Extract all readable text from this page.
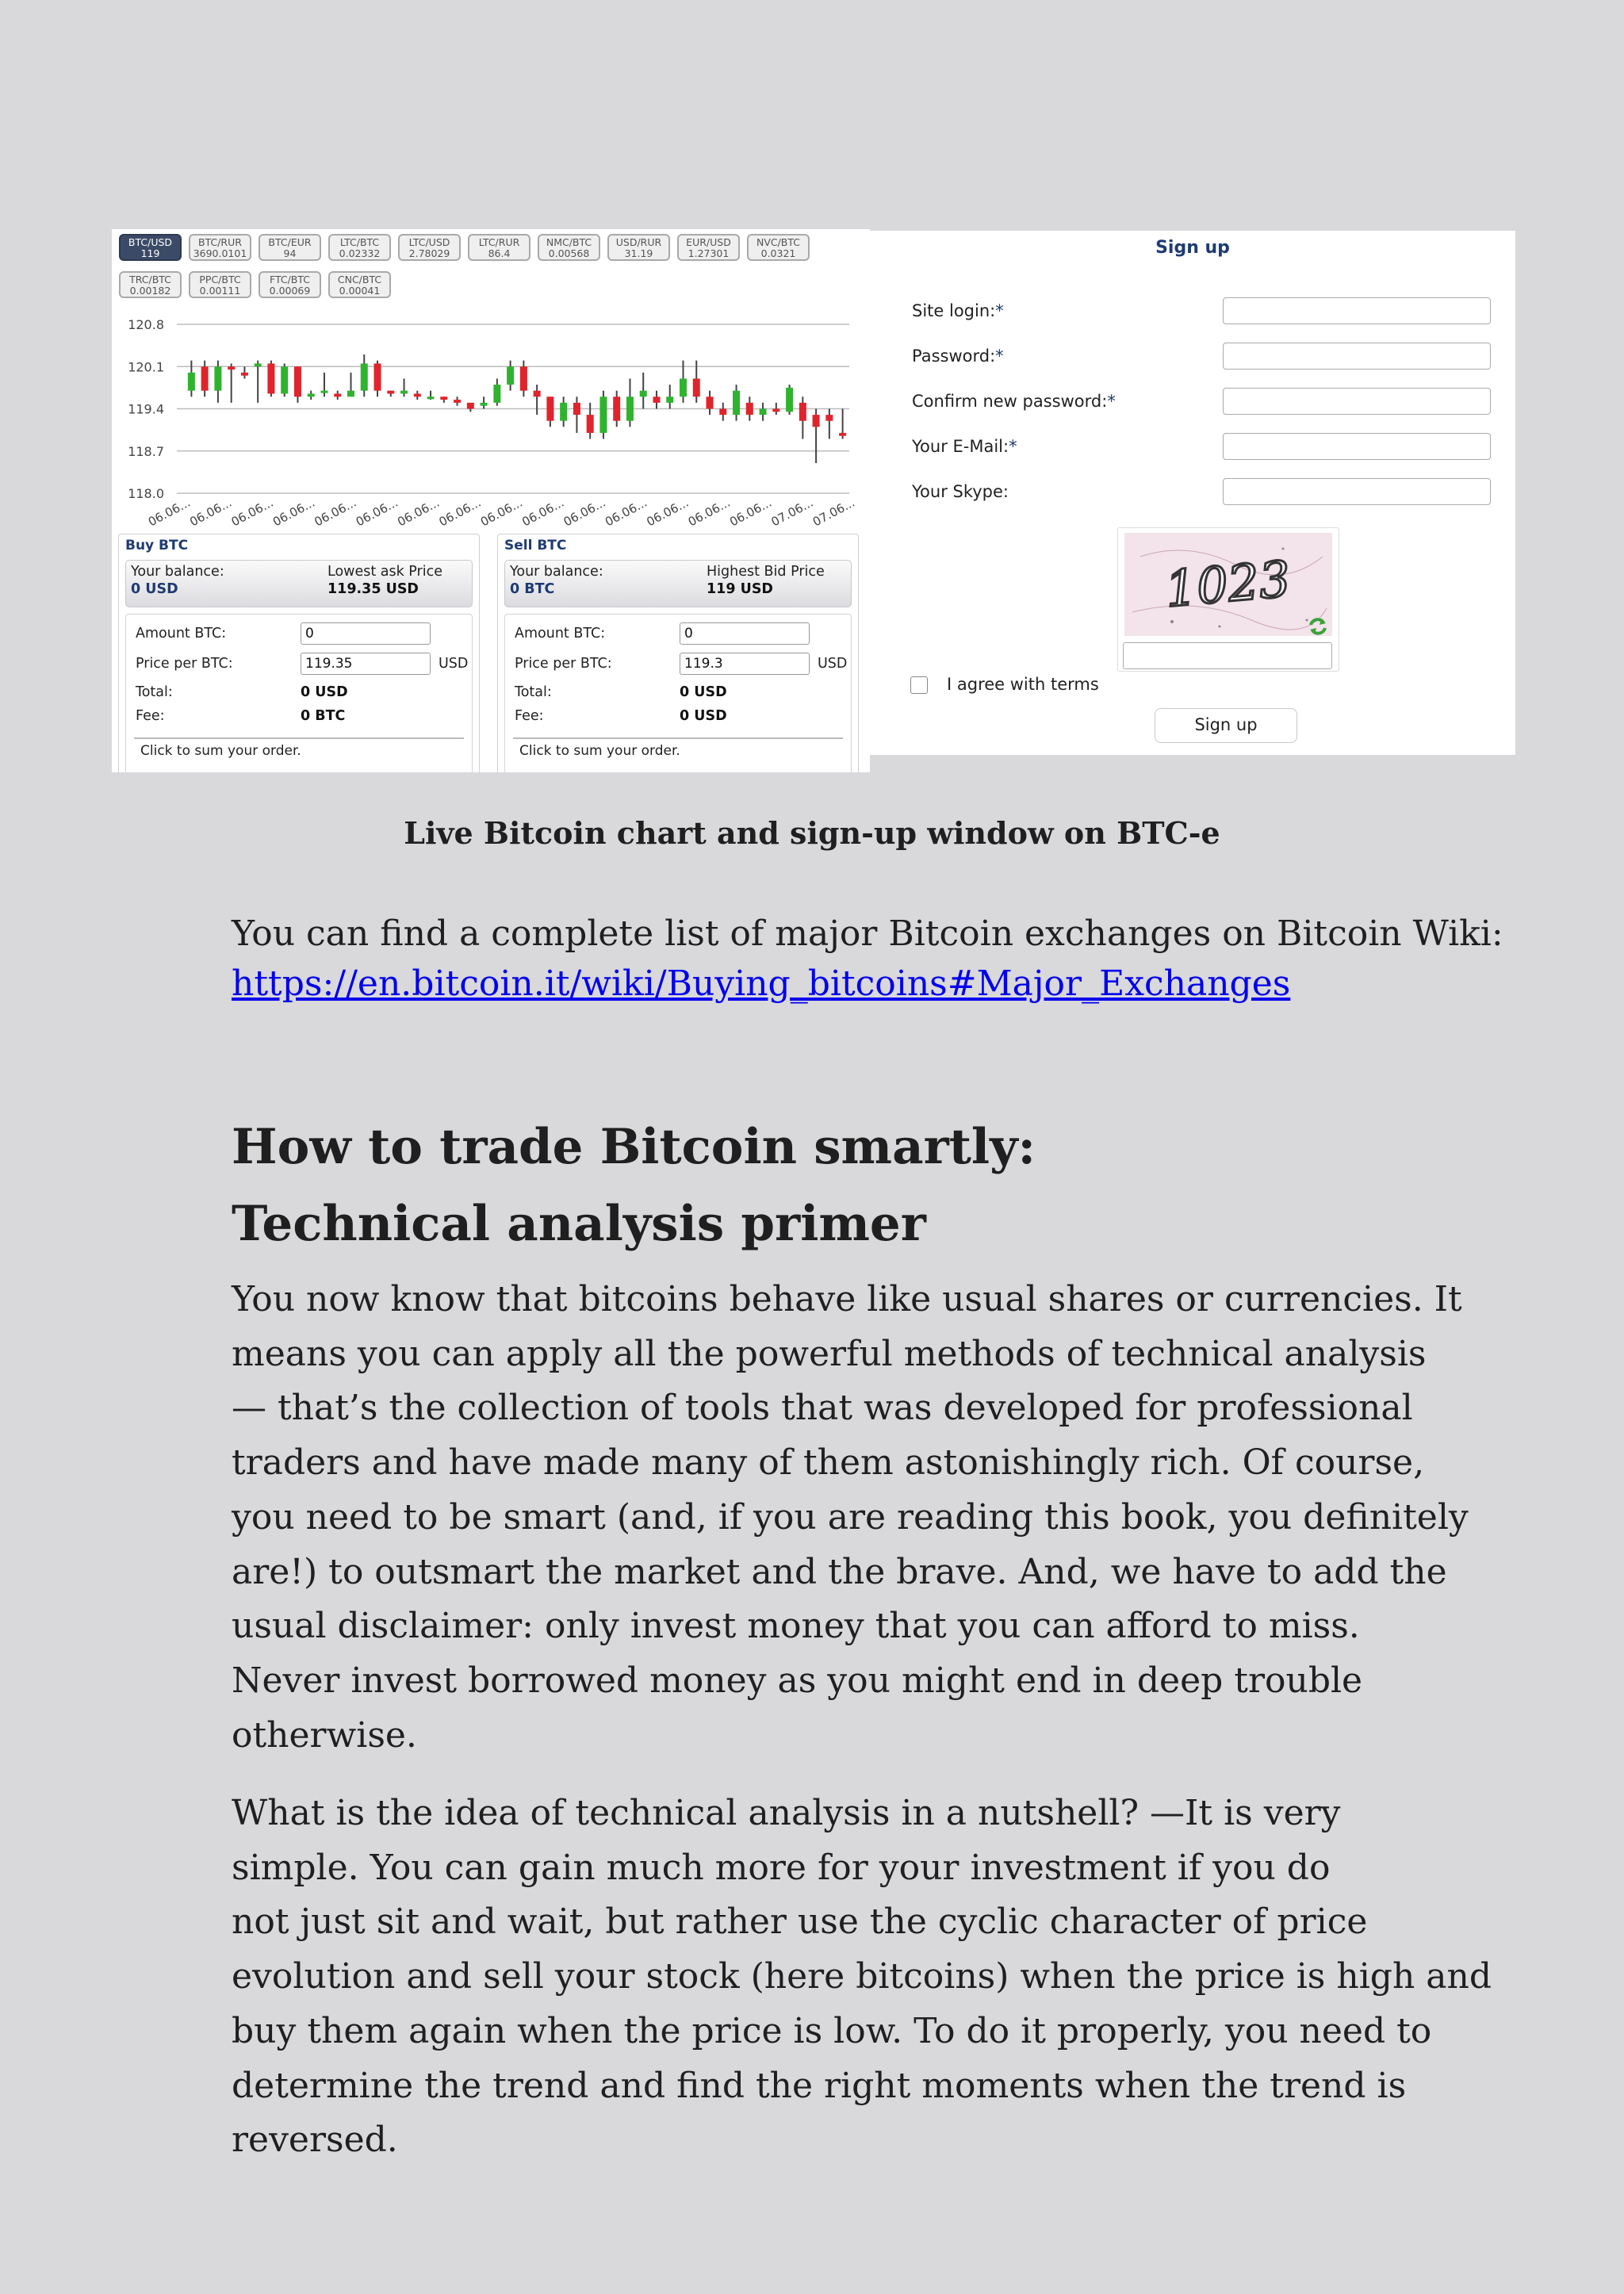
BTC/USD
119
BTC/RUR
3690.0101
BTC/EUR
94
LTC/BTC
0.02332
LTC/USD
2.78029
LTC/RUR
86.4
NMC/BTC
0.00568
USD/RUR
31.19
EUR/USD
1.27301
NVC/BTC
0.0321
TRC/BTC
0.00182
PPC/BTC
0.00111
FTC/BTC
0.00069
CNC/BTC
0.00041
120.8
120.1
119.4
118.7
118.0
06.06...
06.06...
06.06...
06.06...
06.06...
06.06...
06.06...
06.06...
06.06...
06.06...
06.06...
06.06...
06.06...
06.06...
06.06...
07.06...
07.06...
Buy BTC
Your balance:
0 USD
Lowest ask Price
119.35 USD
Amount BTC:
0
Price per BTC:
119.35	USD
Total:	0 USD
Fee:	0 BTC
Click to sum your order.
Sell BTC
Your balance:
0 BTC
Highest Bid Price
119 USD
Amount BTC:
0
Price per BTC:
119.3	USD
Total:	0 USD
Fee:	0 USD
Click to sum your order.
Sign up
Site login:*
Password:*
Confirm new password:*
Your E-Mail:*
Your Skype:
1023
I agree with terms
Sign up
Live Bitcoin chart and sign-up window on BTC-e
You can find a complete list of major Bitcoin exchanges on Bitcoin Wiki:
https://en.bitcoin.it/wiki/Buying_bitcoins#Major_Exchanges
How to trade Bitcoin smartly:
Technical analysis primer
You now know that bitcoins behave like usual shares or currencies. It
means you can apply all the powerful methods of technical analysis
— that’s the collection of tools that was developed for professional
traders and have made many of them astonishingly rich. Of course,
you need to be smart (and, if you are reading this book, you definitely
are!) to outsmart the market and the brave. And, we have to add the
usual disclaimer: only invest money that you can afford to miss.
Never invest borrowed money as you might end in deep trouble
otherwise.
What is the idea of technical analysis in a nutshell? —It is very
simple. You can gain much more for your investment if you do
not just sit and wait, but rather use the cyclic character of price
evolution and sell your stock (here bitcoins) when the price is high and
buy them again when the price is low. To do it properly, you need to
determine the trend and find the right moments when the trend is
reversed.
